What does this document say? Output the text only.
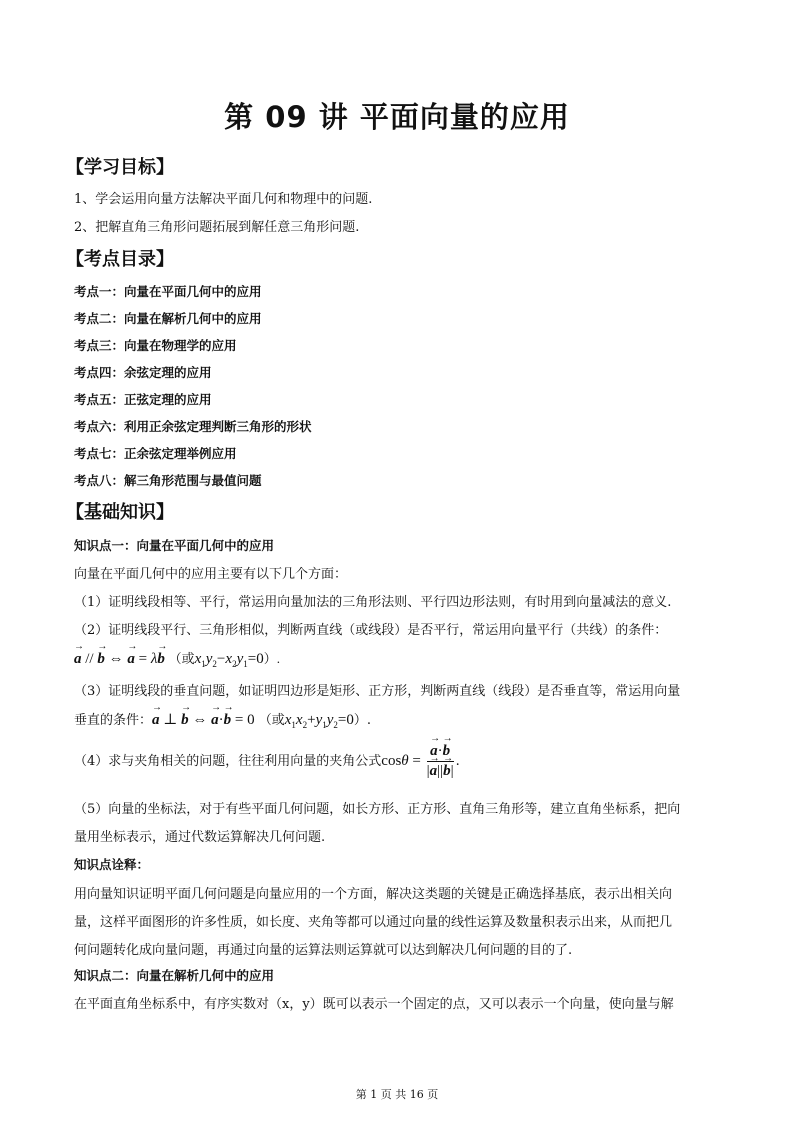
第 09 讲 平面向量的应用
【学习目标】
1、学会运用向量方法解决平面几何和物理中的问题.
2、把解直角三角形问题拓展到解任意三角形问题.
【考点目录】
考点一：向量在平面几何中的应用
考点二：向量在解析几何中的应用
考点三：向量在物理学的应用
考点四：余弦定理的应用
考点五：正弦定理的应用
考点六：利用正余弦定理判断三角形的形状
考点七：正余弦定理举例应用
考点八：解三角形范围与最值问题
【基础知识】
知识点一：向量在平面几何中的应用
向量在平面几何中的应用主要有以下几个方面：
（1）证明线段相等、平行，常运用向量加法的三角形法则、平行四边形法则，有时用到向量减法的意义.
（2）证明线段平行、三角形相似，判断两直线（或线段）是否平行，常运用向量平行（共线）的条件：
→ a // → b ⇔ → a = λ→ b （或$x_1y_2-x_2y_1=0$）.
（3）证明线段的垂直问题，如证明四边形是矩形、正方形，判断两直线（线段）是否垂直等，常运用向量
垂直的条件：→ a ⊥ → b ⇔ → a·→ b = 0 （或$x_1x_2+y_1y_2=0$）.
（4）求与夹角相关的问题，往往利用向量的夹角公式cosθ =
→ $\frac{a\cdot\to b}{|\to a||\to b|}$ .
（5）向量的坐标法，对于有些平面几何问题，如长方形、正方形、直角三角形等，建立直角坐标系，把向
量用坐标表示，通过代数运算解决几何问题.
知识点诠释：
用向量知识证明平面几何问题是向量应用的一个方面，解决这类题的关键是正确选择基底，表示出相关向
量，这样平面图形的许多性质，如长度、夹角等都可以通过向量的线性运算及数量积表示出来，从而把几
何问题转化成向量问题，再通过向量的运算法则运算就可以达到解决几何问题的目的了.
知识点二：向量在解析几何中的应用
在平面直角坐标系中，有序实数对（x，y）既可以表示一个固定的点，又可以表示一个向量，使向量与解
第 1 页 共 16 页
